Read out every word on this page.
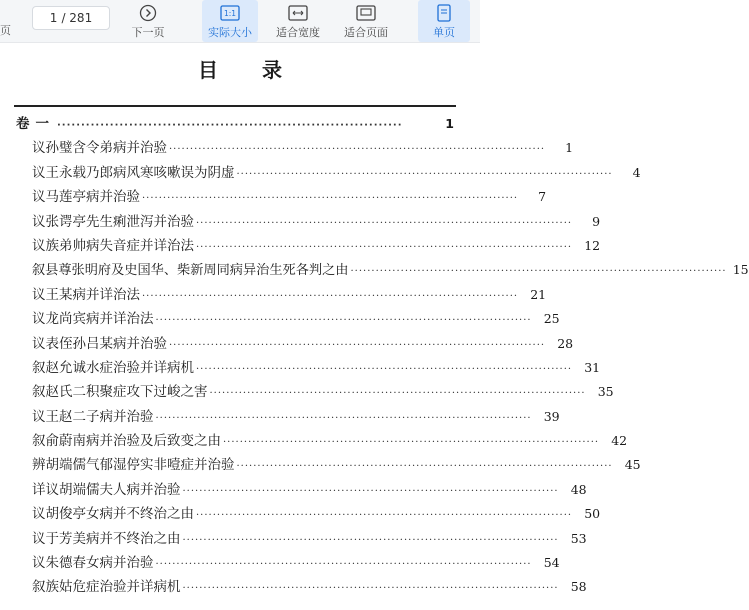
页
1 / 281
下一页
1:1
实际大小 适合宽度 适合页面	单页
目录
卷一 ········································································	1
议孙璧含令弟病并治验 ··························································································	1
议王永载乃郎病风寒咳嗽误为阴虚 ··························································································	4
议马莲亭病并治验 ··························································································	7
议张谔亭先生痢泄泻并治验 ··························································································	9
议族弟帅病失音症并详治法 ·························································································· 12
叙县尊张明府及史国华、柴新周同病异治生死各判之由 ·························································································· 15
议王某病并详治法 ·························································································· 21
议龙尚宾病并详治法 ·························································································· 25
议表侄孙吕某病并治验 ·························································································· 28
叙赵允诚水症治验并详病机 ·························································································· 31
叙赵氏二积聚症攻下过峻之害 ·························································································· 35
议王赵二子病并治验 ·························································································· 39
叙俞蔚南病并治验及后致变之由 ·························································································· 42
辨胡端儒气郁湿停实非噎症并治验 ·························································································· 45
详议胡端儒夫人病并治验 ·························································································· 48
议胡俊亭女病并不终治之由 ·························································································· 50
议于芳美病并不终治之由 ·························································································· 53
议朱德春女病并治验 ·························································································· 54
叙族姑危症治验并详病机 ·························································································· 58
